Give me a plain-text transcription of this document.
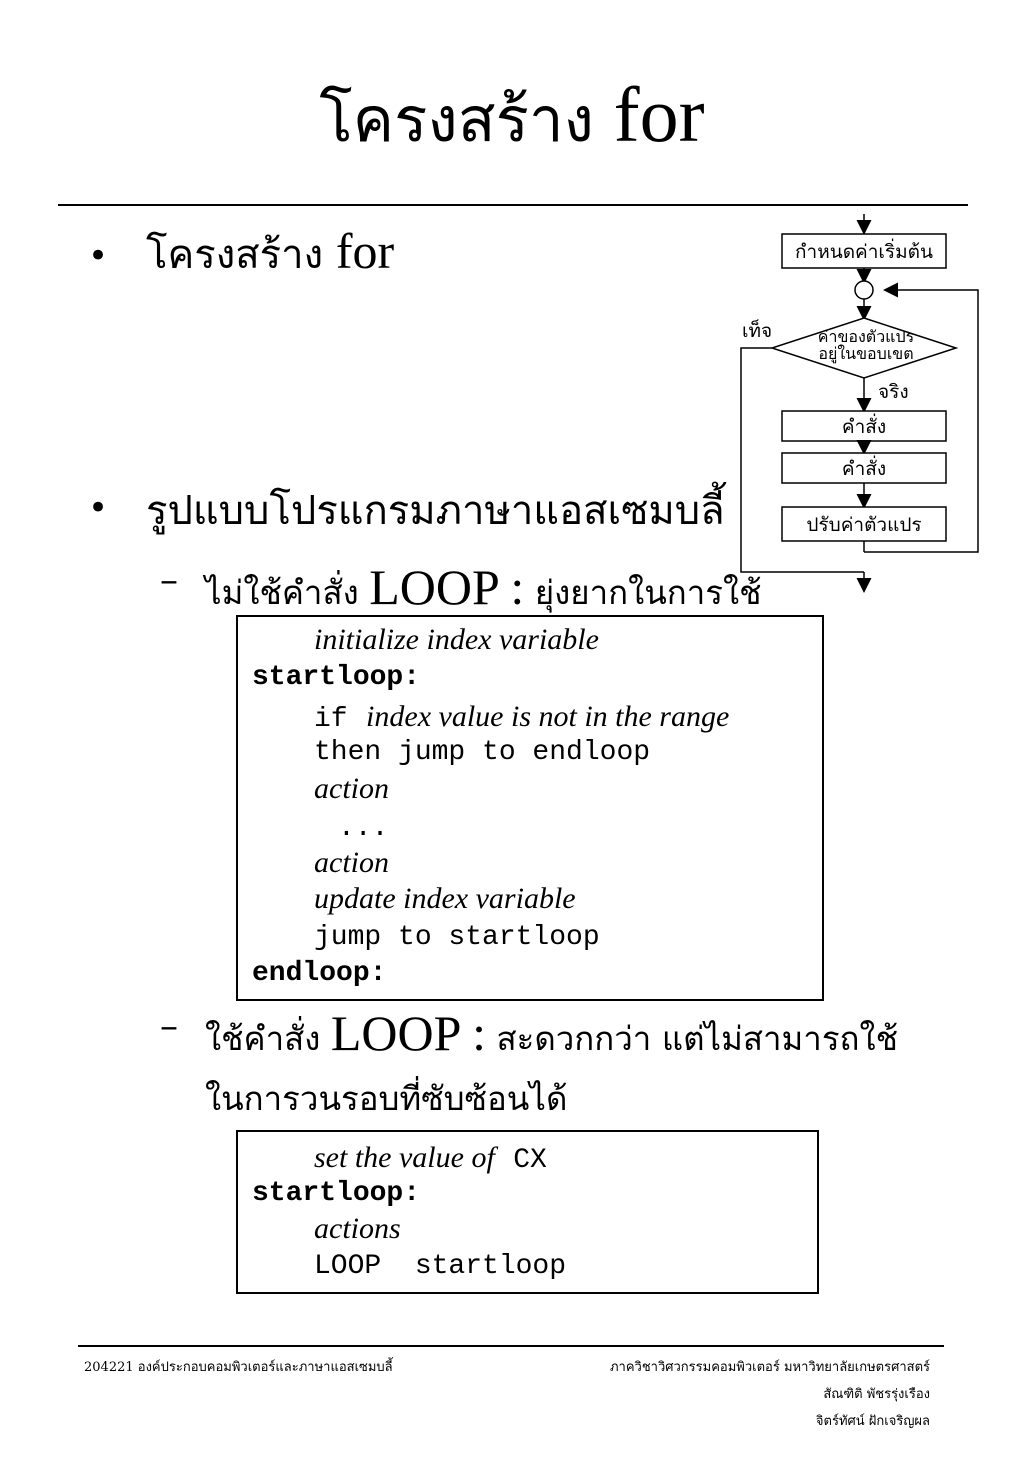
โครงสร้าง for
• โครงสร้าง for
• รูปแบบโปรแกรมภาษาแอสเซมบลี้
– ไม่ใช้คำสั่ง LOOP : ยุ่งยากในการใช้
initialize index variable
startloop:
if index value is not in the range
then jump to endloop
action
...
action
update index variable
jump to startloop
endloop:
– ใช้คำสั่ง LOOP : สะดวกกว่า แต่ไม่สามารถใช้
ในการวนรอบที่ซับซ้อนได้
set the value of CX
startloop:
actions
LOOP  startloop
กำหนดค่าเริ่มต้น
ค่าของตัวแปร
อยู่ในขอบเขต
เท็จ
จริง
คำสั่ง
คำสั่ง
ปรับค่าตัวแปร
204221 องค์ประกอบคอมพิวเตอร์และภาษาแอสเซมบลี้	ภาควิชาวิศวกรรมคอมพิวเตอร์ มหาวิทยาลัยเกษตรศาสตร์
สัณฑิติ พัชรรุ่งเรือง
จิตร์ทัศน์ ฝักเจริญผล
